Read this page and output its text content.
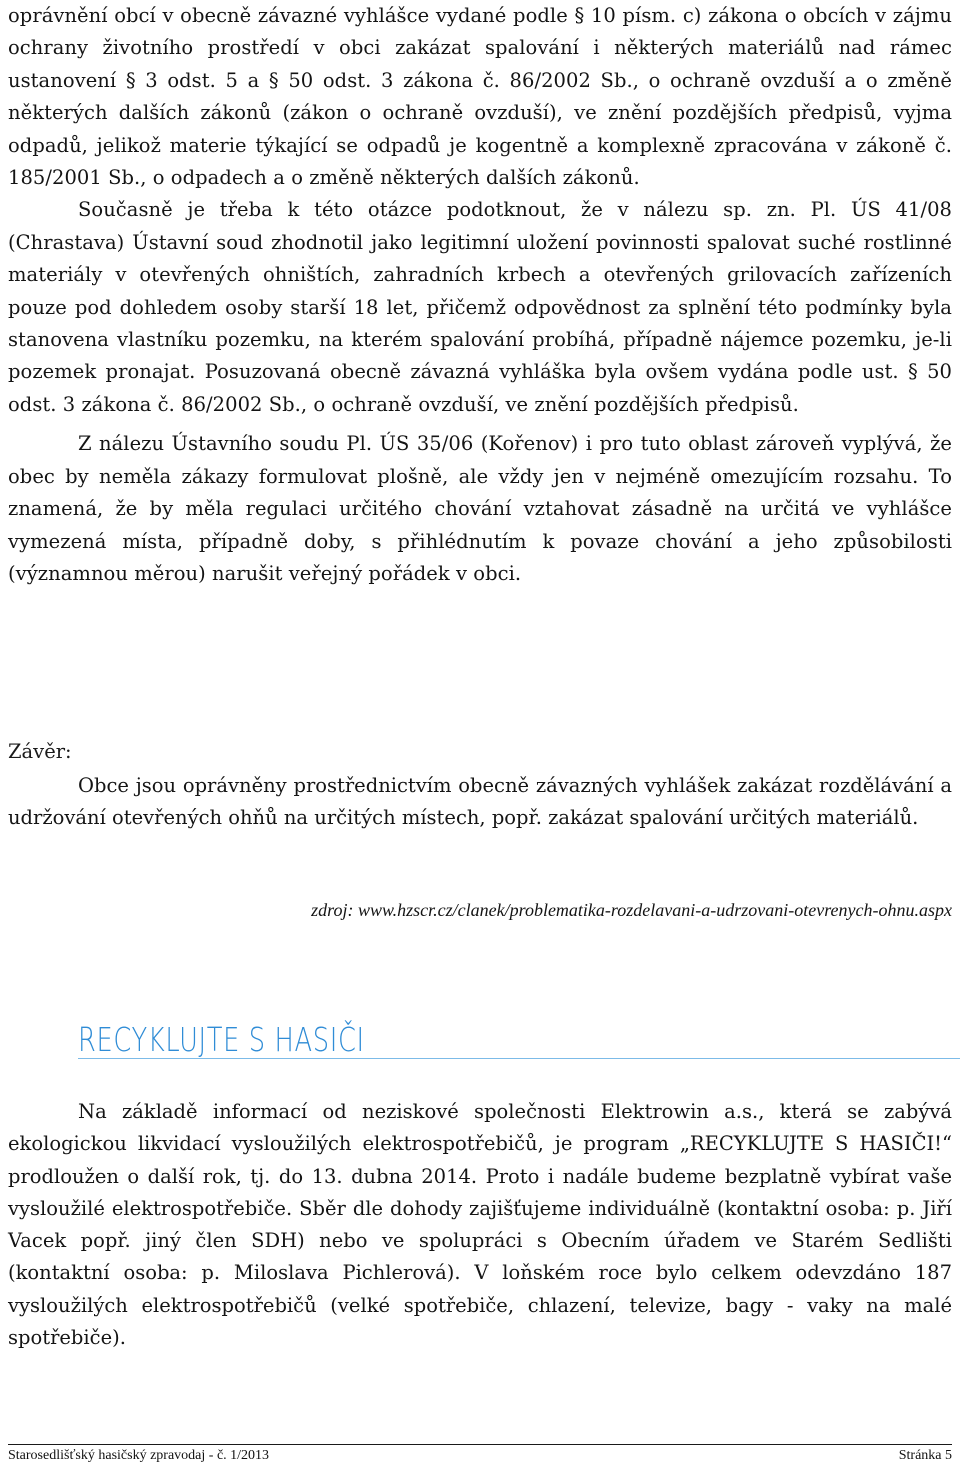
oprávnění obcí v obecně závazné vyhlášce vydané podle § 10 písm. c) zákona o obcích v zájmu ochrany životního prostředí v obci zakázat spalování i některých materiálů nad rámec ustanovení § 3 odst. 5 a § 50 odst. 3 zákona č. 86/2002 Sb., o ochraně ovzduší a o změně některých dalších zákonů (zákon o ochraně ovzduší), ve znění pozdějších předpisů, vyjma odpadů, jelikož materie týkající se odpadů je kogentně a komplexně zpracována v zákoně č. 185/2001 Sb., o odpadech a o změně některých dalších zákonů.

Současně je třeba k této otázce podotknout, že v nálezu sp. zn. Pl. ÚS 41/08 (Chrastava) Ústavní soud zhodnotil jako legitimní uložení povinnosti spalovat suché rostlinné materiály v otevřených ohništích, zahradních krbech a otevřených grilovacích zařízeních pouze pod dohledem osoby starší 18 let, přičemž odpovědnost za splnění této podmínky byla stanovena vlastníku pozemku, na kterém spalování probíhá, případně nájemce pozemku, je-li pozemek pronajat. Posuzovaná obecně závazná vyhláška byla ovšem vydána podle ust. § 50 odst. 3 zákona č. 86/2002 Sb., o ochraně ovzduší, ve znění pozdějších předpisů.

Z nálezu Ústavního soudu Pl. ÚS 35/06 (Kořenov) i pro tuto oblast zároveň vyplývá, že obec by neměla zákazy formulovat plošně, ale vždy jen v nejméně omezujícím rozsahu. To znamená, že by měla regulaci určitého chování vztahovat zásadně na určitá ve vyhlášce vymezená místa, případně doby, s přihlédnutím k povaze chování a jeho způsobilosti (významnou měrou) narušit veřejný pořádek v obci.

Závěr:

Obce jsou oprávněny prostřednictvím obecně závazných vyhlášek zakázat rozdělávání a udržování otevřených ohňů na určitých místech, popř. zakázat spalování určitých materiálů.

zdroj: www.hzscr.cz/clanek/problematika-rozdelavani-a-udrzovani-otevrenych-ohnu.aspx
RECYKLUJTE S HASIČI

Na základě informací od neziskové společnosti Elektrowin a.s., která se zabývá ekologickou likvidací vysloužilých elektrospotřebičů, je program „RECYKLUJTE S HASIČI!“ prodloužen o další rok, tj. do 13. dubna 2014. Proto i nadále budeme bezplatně vybírat vaše vysloužilé elektrospotřebiče. Sběr dle dohody zajišťujeme individuálně (kontaktní osoba: p. Jiří Vacek popř. jiný člen SDH) nebo ve spolupráci s Obecním úřadem ve Starém Sedlišti (kontaktní osoba: p. Miloslava Pichlerová). V loňském roce bylo celkem odevzdáno 187 vysloužilých elektrospotřebičů (velké spotřebiče, chlazení, televize, bagy - vaky na malé spotřebiče).

Starosedlišťský hasičský zpravodaj - č. 1/2013	Stránka 5
